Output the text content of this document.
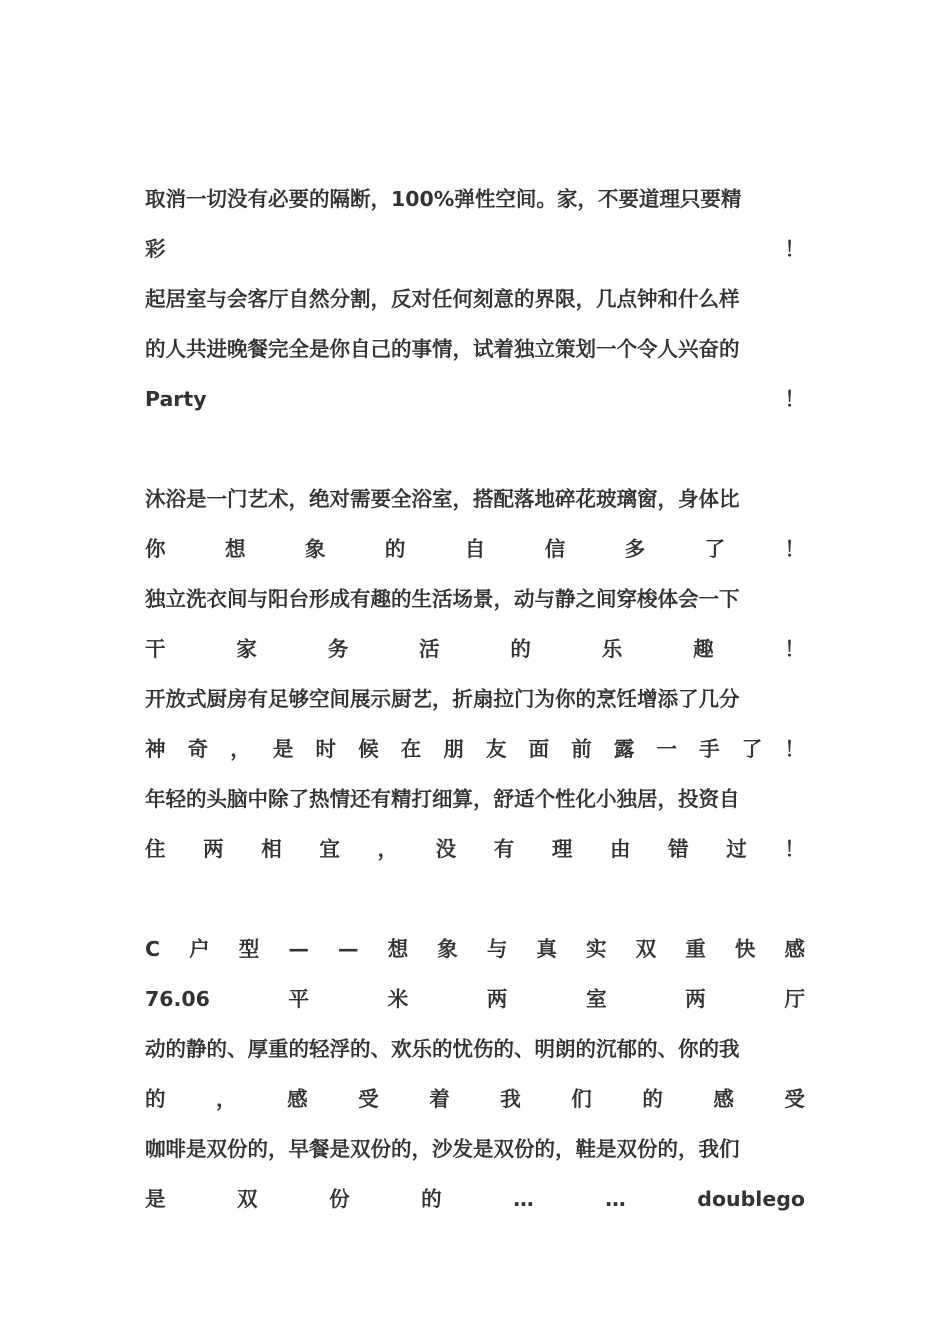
取消一切没有必要的隔断，100%弹性空间。家，不要道理只要精
彩	！
起居室与会客厅自然分割，反对任何刻意的界限，几点钟和什么样
的人共进晚餐完全是你自己的事情，试着独立策划一个令人兴奋的
Party	！
沐浴是一门艺术，绝对需要全浴室，搭配落地碎花玻璃窗，身体比
你	想	象	的	自	信	多	了	！
独立洗衣间与阳台形成有趣的生活场景，动与静之间穿梭体会一下
干	家	务	活	的	乐	趣	！
开放式厨房有足够空间展示厨艺，折扇拉门为你的烹饪增添了几分
神 奇 ， 是 时 候 在 朋 友 面 前 露 一 手 了 ！
年轻的头脑中除了热情还有精打细算，舒适个性化小独居，投资自
住 两 相 宜 ， 没 有 理 由 错 过 ！
C 户 型 — — 想 象 与 真 实 双 重 快 感
76.06	平	米	两	室	两	厅
动的静的、厚重的轻浮的、欢乐的忧伤的、明朗的沉郁的、你的我
的 ， 感 受 着 我 们 的 感 受
咖啡是双份的，早餐是双份的，沙发是双份的，鞋是双份的，我们
是	双	份	的	…	…	doublego
